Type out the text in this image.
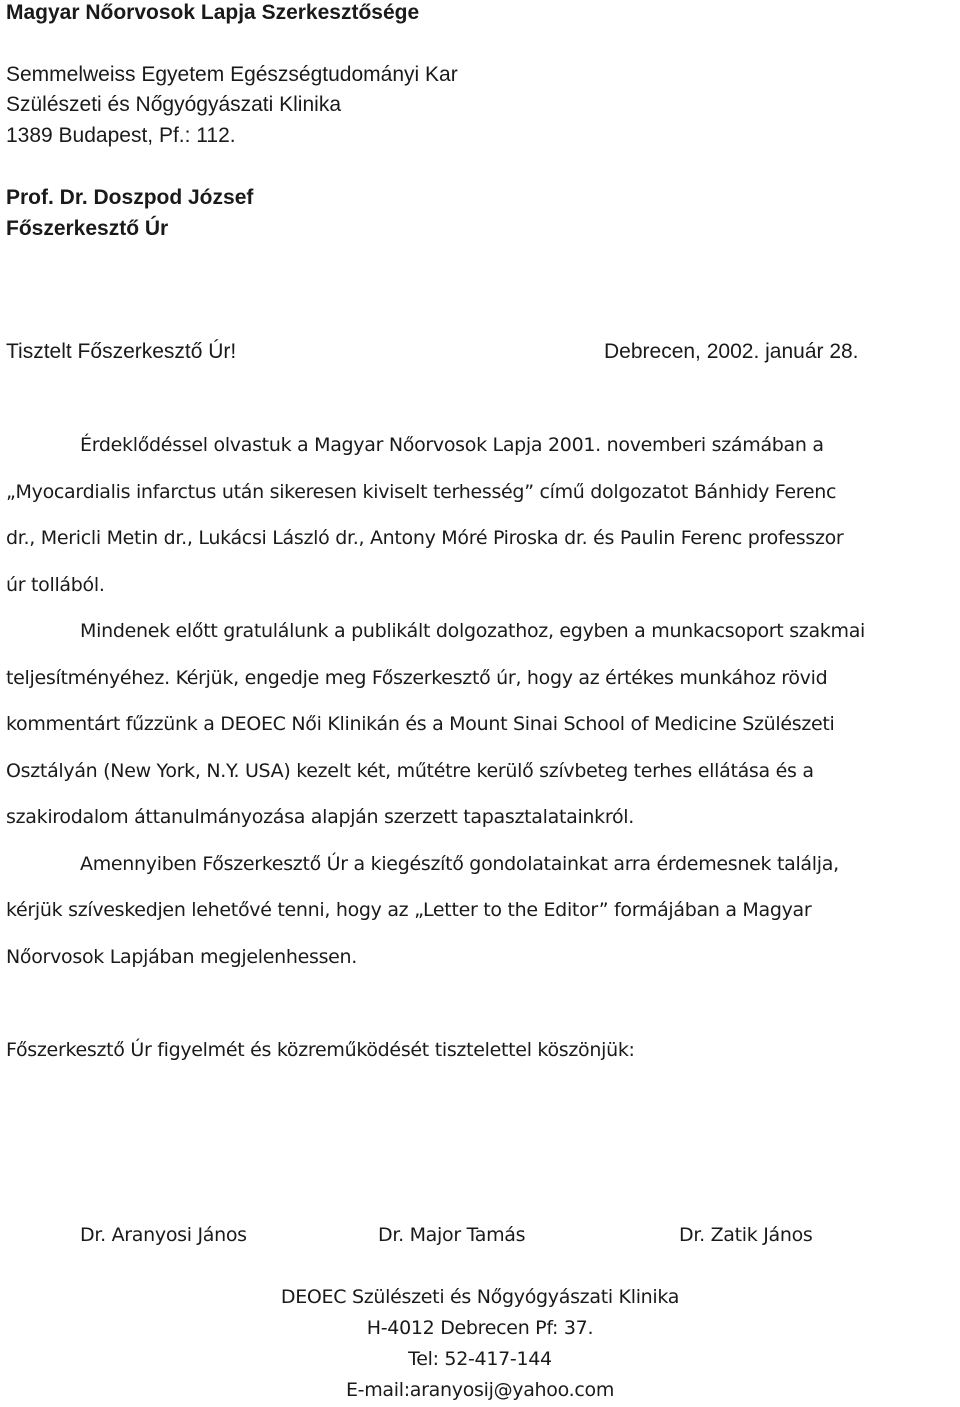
Magyar Nőorvosok Lapja Szerkesztősége
Semmelweiss Egyetem Egészségtudományi Kar
Szülészeti és Nőgyógyászati Klinika
1389 Budapest, Pf.: 112.
Prof. Dr. Doszpod József
Főszerkesztő Úr
Tisztelt Főszerkesztő Úr!	Debrecen, 2002. január 28.
Érdeklődéssel olvastuk a Magyar Nőorvosok Lapja 2001. novemberi számában a
„Myocardialis infarctus után sikeresen kiviselt terhesség” című dolgozatot Bánhidy Ferenc
dr., Mericli Metin dr., Lukácsi László dr., Antony Móré Piroska dr. és Paulin Ferenc professzor
úr tollából.
Mindenek előtt gratulálunk a publikált dolgozathoz, egyben a munkacsoport szakmai
teljesítményéhez. Kérjük, engedje meg Főszerkesztő úr, hogy az értékes munkához rövid
kommentárt fűzzünk a DEOEC Női Klinikán és a Mount Sinai School of Medicine Szülészeti
Osztályán (New York, N.Y. USA) kezelt két, műtétre kerülő szívbeteg terhes ellátása és a
szakirodalom áttanulmányozása alapján szerzett tapasztalatainkról.
Amennyiben Főszerkesztő Úr a kiegészítő gondolatainkat arra érdemesnek találja,
kérjük szíveskedjen lehetővé tenni, hogy az „Letter to the Editor” formájában a Magyar
Nőorvosok Lapjában megjelenhessen.
Főszerkesztő Úr figyelmét és közreműködését tisztelettel köszönjük:
Dr. Aranyosi János	Dr. Major Tamás	Dr. Zatik János
DEOEC Szülészeti és Nőgyógyászati Klinika
H-4012 Debrecen Pf: 37.
Tel: 52-417-144
E-mail:aranyosij@yahoo.com
